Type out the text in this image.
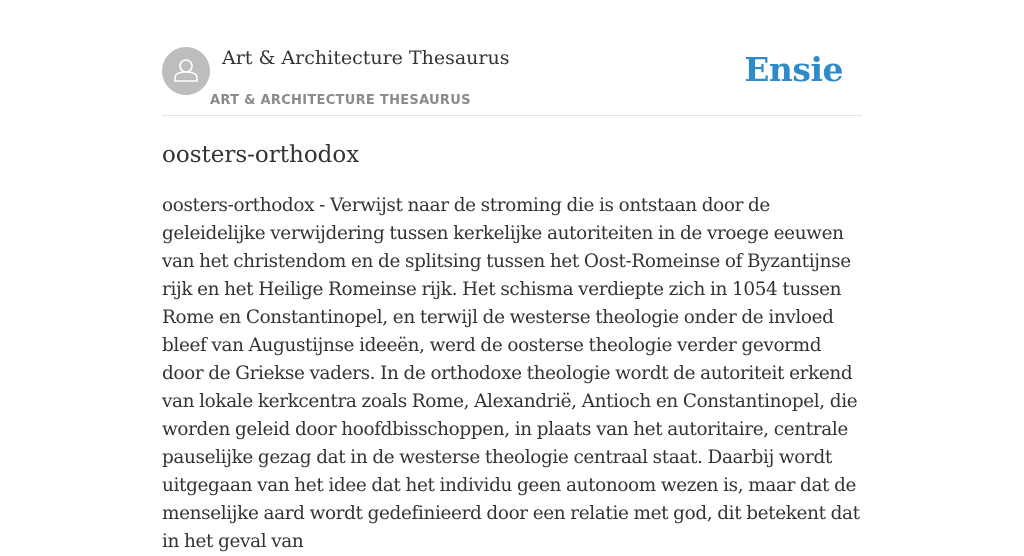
Art & Architecture Thesaurus
ART & ARCHITECTURE THESAURUS
Ensie
oosters-orthodox

oosters-orthodox - Verwijst naar de stroming die is ontstaan door de geleidelijke verwijdering tussen kerkelijke autoriteiten in de vroege eeuwen van het christendom en de splitsing tussen het Oost-Romeinse of Byzantijnse rijk en het Heilige Romeinse rijk. Het schisma verdiepte zich in 1054 tussen Rome en Constantinopel, en terwijl de westerse theologie onder de invloed bleef van Augustijnse ideeën, werd de oosterse theologie verder gevormd door de Griekse vaders. In de orthodoxe theologie wordt de autoriteit erkend van lokale kerkcentra zoals Rome, Alexandrië, Antioch en Constantinopel, die worden geleid door hoofdbisschoppen, in plaats van het autoritaire, centrale pauselijke gezag dat in de westerse theologie centraal staat. Daarbij wordt uitgegaan van het idee dat het individu geen autonoom wezen is, maar dat de menselijke aard wordt gedefinieerd door een relatie met god, dit betekent dat in het geval van
